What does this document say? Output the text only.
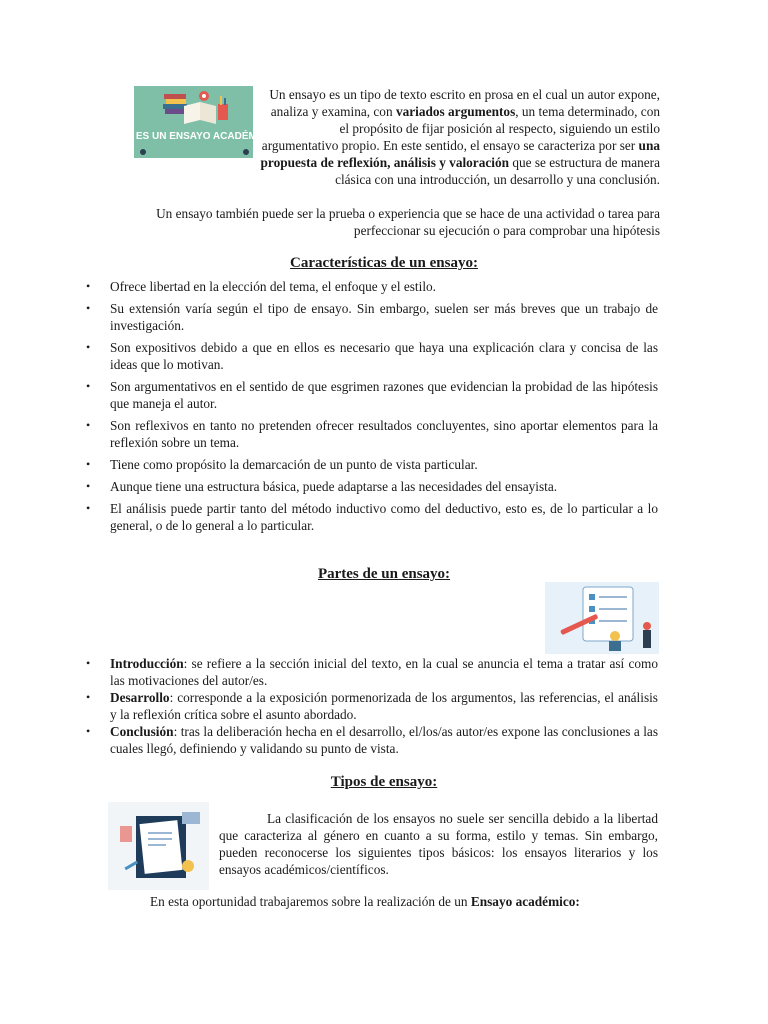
¿QUÉ ES UN ENSAYO ACADÉMICO?

Un ensayo es un tipo de texto escrito en prosa en el cual un autor expone, analiza y examina, con variados argumentos, un tema determinado, con el propósito de fijar posición al respecto, siguiendo un estilo argumentativo propio. En este sentido, el ensayo se caracteriza por ser una propuesta de reflexión, análisis y valoración que se estructura de manera clásica con una introducción, un desarrollo y una conclusión.

Un ensayo también puede ser la prueba o experiencia que se hace de una actividad o tarea para perfeccionar su ejecución o para comprobar una hipótesis
Características de un ensayo:
• Ofrece libertad en la elección del tema, el enfoque y el estilo.
• Su extensión varía según el tipo de ensayo. Sin embargo, suelen ser más breves que un trabajo de investigación.
• Son expositivos debido a que en ellos es necesario que haya una explicación clara y concisa de las ideas que lo motivan.
• Son argumentativos en el sentido de que esgrimen razones que evidencian la probidad de las hipótesis que maneja el autor.
• Son reflexivos en tanto no pretenden ofrecer resultados concluyentes, sino aportar elementos para la reflexión sobre un tema.
• Tiene como propósito la demarcación de un punto de vista particular.
• Aunque tiene una estructura básica, puede adaptarse a las necesidades del ensayista.
• El análisis puede partir tanto del método inductivo como del deductivo, esto es, de lo particular a lo general, o de lo general a lo particular.
Partes de un ensayo:
• Introducción: se refiere a la sección inicial del texto, en la cual se anuncia el tema a tratar así como las motivaciones del autor/es.
• Desarrollo: corresponde a la exposición pormenorizada de los argumentos, las referencias, el análisis y la reflexión crítica sobre el asunto abordado.
• Conclusión: tras la deliberación hecha en el desarrollo, el/los/as autor/es expone las conclusiones a las cuales llegó, definiendo y validando su punto de vista.
Tipos de ensayo:

La clasificación de los ensayos no suele ser sencilla debido a la libertad que caracteriza al género en cuanto a su forma, estilo y temas. Sin embargo, pueden reconocerse los siguientes tipos básicos: los ensayos literarios y los ensayos académicos/científicos.

En esta oportunidad trabajaremos sobre la realización de un Ensayo académico:
